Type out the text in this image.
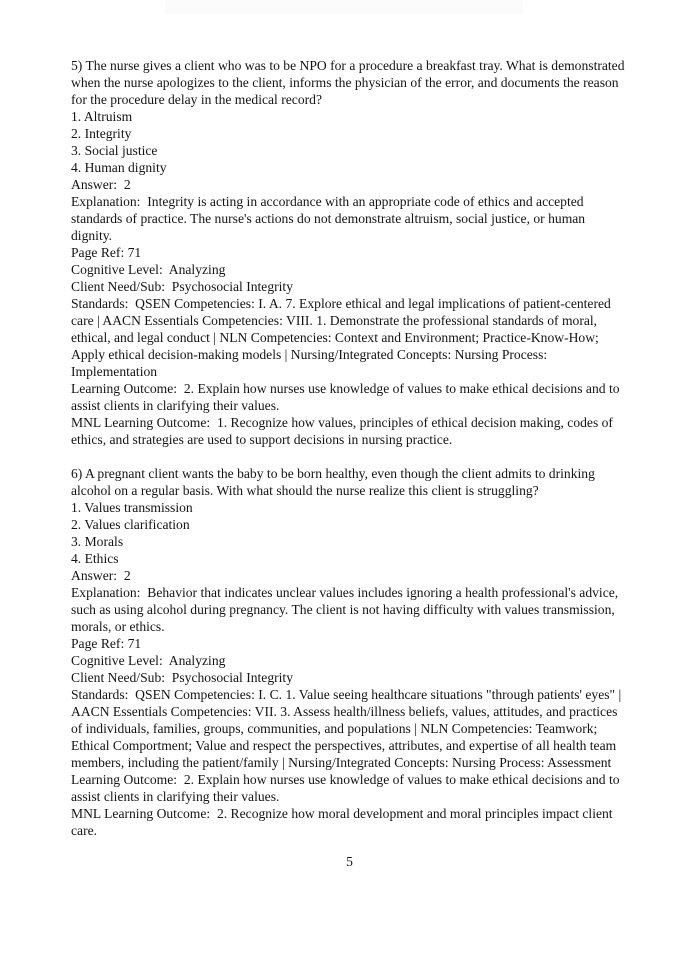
5) The nurse gives a client who was to be NPO for a procedure a breakfast tray. What is demonstrated when the nurse apologizes to the client, informs the physician of the error, and documents the reason for the procedure delay in the medical record?

1. Altruism

2. Integrity

3. Social justice

4. Human dignity

Answer:  2

Explanation:  Integrity is acting in accordance with an appropriate code of ethics and accepted standards of practice. The nurse's actions do not demonstrate altruism, social justice, or human dignity.

Page Ref: 71

Cognitive Level:  Analyzing

Client Need/Sub:  Psychosocial Integrity

Standards:  QSEN Competencies: I. A. 7. Explore ethical and legal implications of patient-centered care | AACN Essentials Competencies: VIII. 1. Demonstrate the professional standards of moral, ethical, and legal conduct | NLN Competencies: Context and Environment; Practice-Know-How; Apply ethical decision-making models | Nursing/Integrated Concepts: Nursing Process: Implementation

Learning Outcome:  2. Explain how nurses use knowledge of values to make ethical decisions and to assist clients in clarifying their values.

MNL Learning Outcome:  1. Recognize how values, principles of ethical decision making, codes of ethics, and strategies are used to support decisions in nursing practice.

6) A pregnant client wants the baby to be born healthy, even though the client admits to drinking alcohol on a regular basis. With what should the nurse realize this client is struggling?

1. Values transmission

2. Values clarification

3. Morals

4. Ethics

Answer:  2

Explanation:  Behavior that indicates unclear values includes ignoring a health professional's advice, such as using alcohol during pregnancy. The client is not having difficulty with values transmission, morals, or ethics.

Page Ref: 71

Cognitive Level:  Analyzing

Client Need/Sub:  Psychosocial Integrity

Standards:  QSEN Competencies: I. C. 1. Value seeing healthcare situations "through patients' eyes" | AACN Essentials Competencies: VII. 3. Assess health/illness beliefs, values, attitudes, and practices of individuals, families, groups, communities, and populations | NLN Competencies: Teamwork; Ethical Comportment; Value and respect the perspectives, attributes, and expertise of all health team members, including the patient/family | Nursing/Integrated Concepts: Nursing Process: Assessment

Learning Outcome:  2. Explain how nurses use knowledge of values to make ethical decisions and to assist clients in clarifying their values.

MNL Learning Outcome:  2. Recognize how moral development and moral principles impact client care.

5
